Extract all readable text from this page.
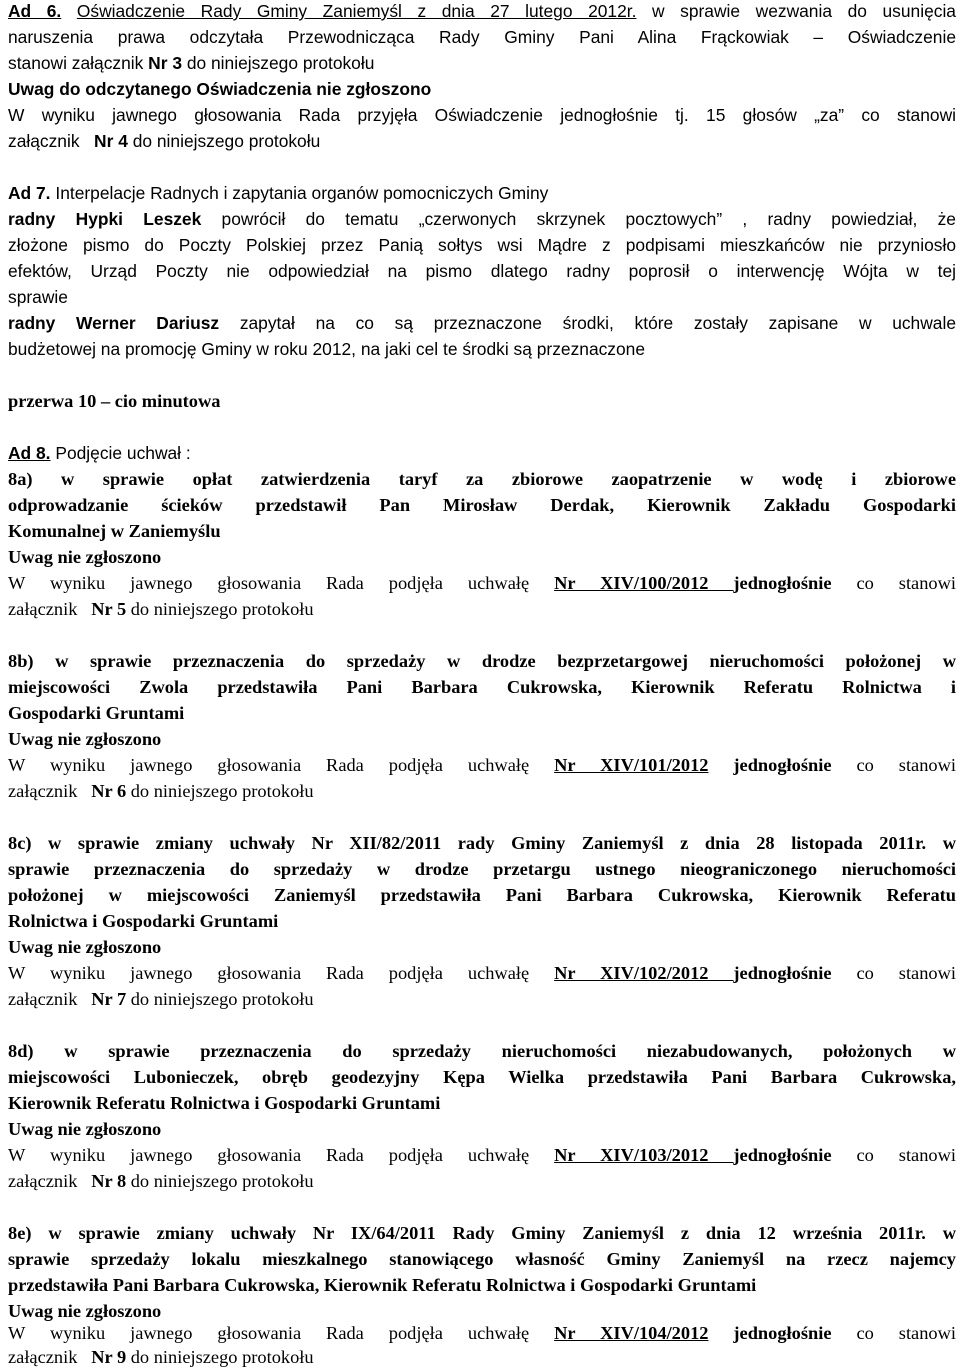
Ad 6. Oświadczenie Rady Gminy Zaniemyśl z dnia 27 lutego 2012r. w sprawie wezwania do usunięcia
naruszenia prawa odczytała Przewodnicząca Rady Gminy Pani Alina Frąckowiak – Oświadczenie
stanowi załącznik Nr 3 do niniejszego protokołu
Uwag do odczytanego Oświadczenia nie zgłoszono
W wyniku jawnego głosowania Rada przyjęła Oświadczenie jednogłośnie tj. 15 głosów „za” co stanowi
załącznik   Nr 4 do niniejszego protokołu
Ad 7. Interpelacje Radnych i zapytania organów pomocniczych Gminy
radny Hypki Leszek powrócił do tematu „czerwonych skrzynek pocztowych” , radny powiedział, że
złożone pismo do Poczty Polskiej przez Panią sołtys wsi Mądre z podpisami mieszkańców nie przyniosło
efektów, Urząd Poczty nie odpowiedział na pismo dlatego radny poprosił o interwencję Wójta w tej
sprawie
radny Werner Dariusz zapytał na co są przeznaczone środki, które zostały zapisane w uchwale
budżetowej na promocję Gminy w roku 2012, na jaki cel te środki są przeznaczone
przerwa 10 – cio minutowa
Ad 8. Podjęcie uchwał :
8a) w sprawie opłat zatwierdzenia taryf za zbiorowe zaopatrzenie w wodę i zbiorowe
odprowadzanie ścieków przedstawił Pan Mirosław Derdak, Kierownik Zakładu Gospodarki
Komunalnej w Zaniemyślu
Uwag nie zgłoszono
W wyniku jawnego głosowania Rada podjęła uchwałę Nr XIV/100/2012 jednogłośnie co stanowi
załącznik   Nr 5 do niniejszego protokołu
8b) w sprawie przeznaczenia do sprzedaży w drodze bezprzetargowej nieruchomości położonej w
miejscowości Zwola przedstawiła Pani Barbara Cukrowska, Kierownik Referatu Rolnictwa i
Gospodarki Gruntami
Uwag nie zgłoszono
W wyniku jawnego głosowania Rada podjęła uchwałę Nr XIV/101/2012 jednogłośnie co stanowi
załącznik   Nr 6 do niniejszego protokołu
8c) w sprawie zmiany uchwały Nr XII/82/2011 rady Gminy Zaniemyśl z dnia 28 listopada 2011r. w
sprawie przeznaczenia do sprzedaży w drodze przetargu ustnego nieograniczonego nieruchomości
położonej w miejscowości Zaniemyśl przedstawiła Pani Barbara Cukrowska, Kierownik Referatu
Rolnictwa i Gospodarki Gruntami
Uwag nie zgłoszono
W wyniku jawnego głosowania Rada podjęła uchwałę Nr XIV/102/2012 jednogłośnie co stanowi
załącznik   Nr 7 do niniejszego protokołu
8d) w sprawie przeznaczenia do sprzedaży nieruchomości niezabudowanych, położonych w
miejscowości Lubonieczek, obręb geodezyjny Kępa Wielka przedstawiła Pani Barbara Cukrowska,
Kierownik Referatu Rolnictwa i Gospodarki Gruntami
Uwag nie zgłoszono
W wyniku jawnego głosowania Rada podjęła uchwałę Nr XIV/103/2012 jednogłośnie co stanowi
załącznik   Nr 8 do niniejszego protokołu
8e) w sprawie zmiany uchwały Nr IX/64/2011 Rady Gminy Zaniemyśl z dnia 12 września 2011r. w
sprawie sprzedaży lokalu mieszkalnego stanowiącego własność Gminy Zaniemyśl na rzecz najemcy
przedstawiła Pani Barbara Cukrowska, Kierownik Referatu Rolnictwa i Gospodarki Gruntami
Uwag nie zgłoszono
W wyniku jawnego głosowania Rada podjęła uchwałę Nr XIV/104/2012 jednogłośnie co stanowi
załącznik   Nr 9 do niniejszego protokołu
